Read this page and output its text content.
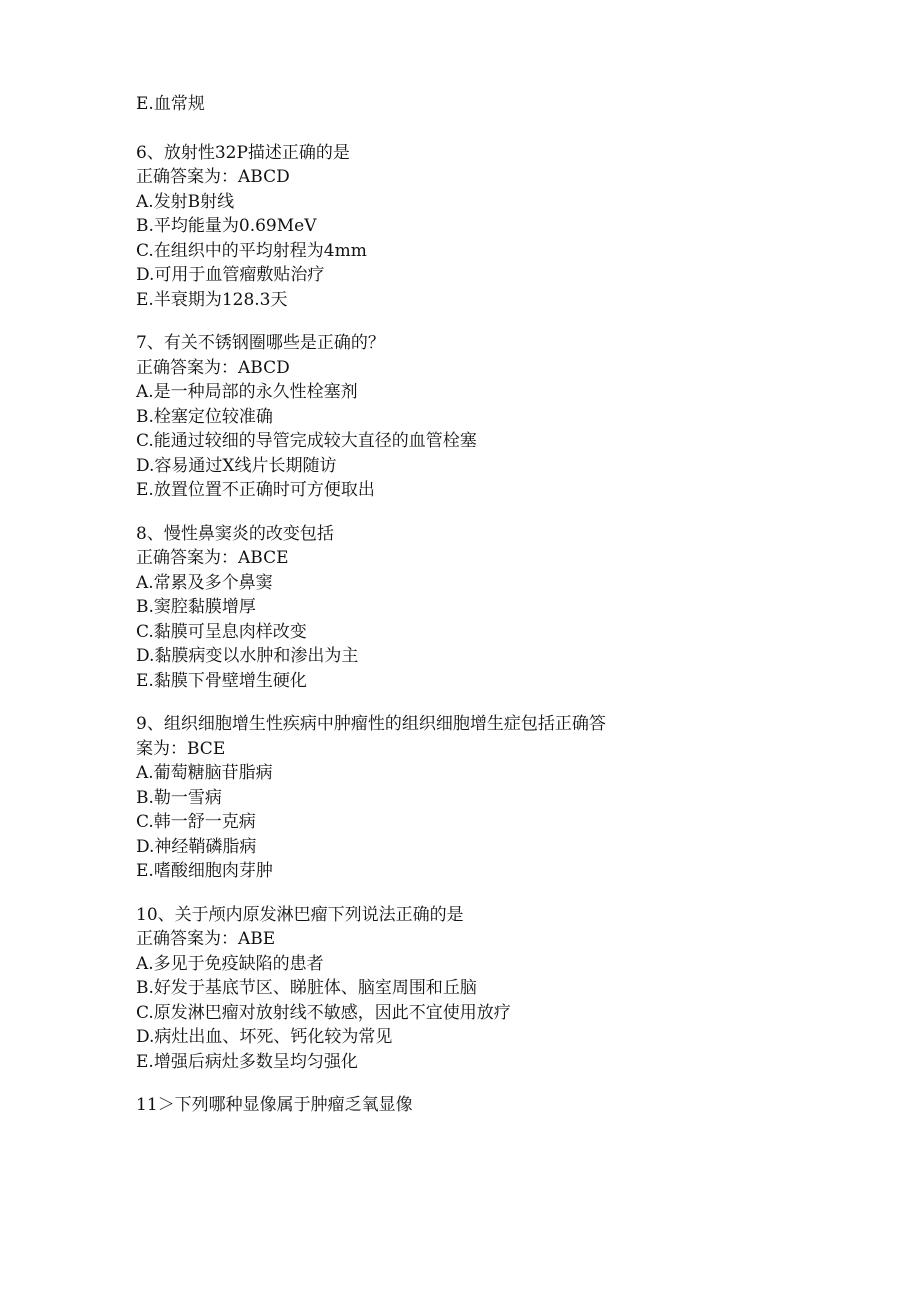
E.血常规
6、放射性32P描述正确的是
正确答案为：ABCD
A.发射B射线
B.平均能量为0.69MeV
C.在组织中的平均射程为4mm
D.可用于血管瘤敷贴治疗
E.半衰期为128.3天
7、有关不锈钢圈哪些是正确的？
正确答案为：ABCD
A.是一种局部的永久性栓塞剂
B.栓塞定位较准确
C.能通过较细的导管完成较大直径的血管栓塞
D.容易通过X线片长期随访
E.放置位置不正确时可方便取出
8、慢性鼻窦炎的改变包括
正确答案为：ABCE
A.常累及多个鼻窦
B.窦腔黏膜增厚
C.黏膜可呈息肉样改变
D.黏膜病变以水肿和渗出为主
E.黏膜下骨壁增生硬化
9、组织细胞增生性疾病中肿瘤性的组织细胞增生症包括正确答
案为：BCE
A.葡萄糖脑苷脂病
B.勒一雪病
C.韩一舒一克病
D.神经鞘磷脂病
E.嗜酸细胞肉芽肿
10、关于颅内原发淋巴瘤下列说法正确的是
正确答案为：ABE
A.多见于免疫缺陷的患者
B.好发于基底节区、睇脏体、脑室周围和丘脑
C.原发淋巴瘤对放射线不敏感，因此不宜使用放疗
D.病灶出血、坏死、钙化较为常见
E.增强后病灶多数呈均匀强化
11＞下列哪种显像属于肿瘤乏氧显像
